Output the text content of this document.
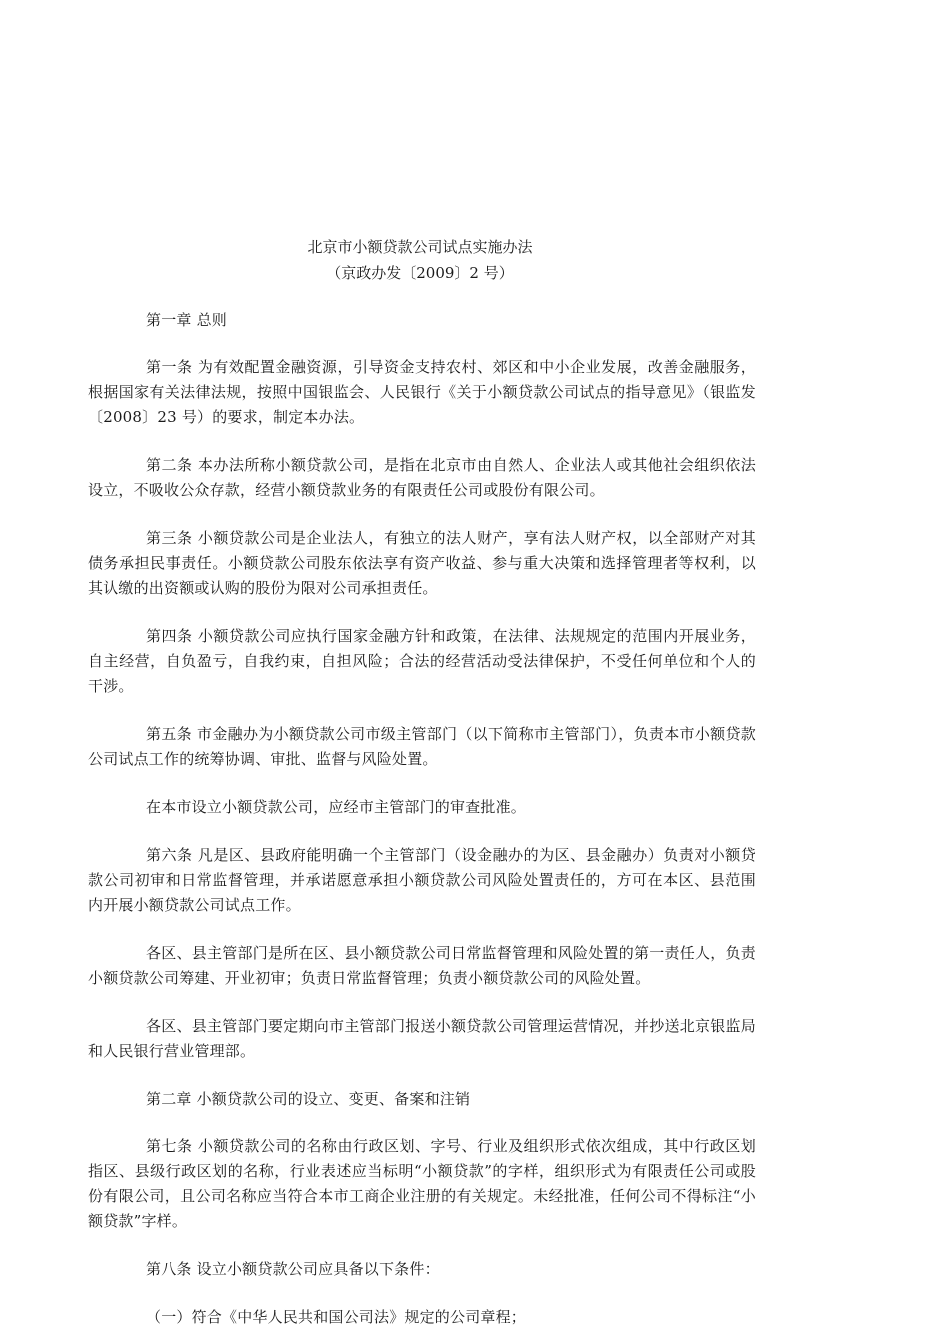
北京市小额贷款公司试点实施办法
（京政办发〔2009〕2 号）

第一章 总则

第一条 为有效配置金融资源，引导资金支持农村、郊区和中小企业发展，改善金融服务，根据国家有关法律法规，按照中国银监会、人民银行《关于小额贷款公司试点的指导意见》（银监发〔2008〕23 号）的要求，制定本办法。

第二条 本办法所称小额贷款公司，是指在北京市由自然人、企业法人或其他社会组织依法设立，不吸收公众存款，经营小额贷款业务的有限责任公司或股份有限公司。

第三条 小额贷款公司是企业法人，有独立的法人财产，享有法人财产权，以全部财产对其债务承担民事责任。小额贷款公司股东依法享有资产收益、参与重大决策和选择管理者等权利，以其认缴的出资额或认购的股份为限对公司承担责任。

第四条 小额贷款公司应执行国家金融方针和政策，在法律、法规规定的范围内开展业务，自主经营，自负盈亏，自我约束，自担风险；合法的经营活动受法律保护，不受任何单位和个人的干涉。

第五条 市金融办为小额贷款公司市级主管部门（以下简称市主管部门），负责本市小额贷款公司试点工作的统筹协调、审批、监督与风险处置。

在本市设立小额贷款公司，应经市主管部门的审查批准。

第六条 凡是区、县政府能明确一个主管部门（设金融办的为区、县金融办）负责对小额贷款公司初审和日常监督管理，并承诺愿意承担小额贷款公司风险处置责任的，方可在本区、县范围内开展小额贷款公司试点工作。

各区、县主管部门是所在区、县小额贷款公司日常监督管理和风险处置的第一责任人，负责小额贷款公司筹建、开业初审；负责日常监督管理；负责小额贷款公司的风险处置。

各区、县主管部门要定期向市主管部门报送小额贷款公司管理运营情况，并抄送北京银监局和人民银行营业管理部。

第二章 小额贷款公司的设立、变更、备案和注销

第七条 小额贷款公司的名称由行政区划、字号、行业及组织形式依次组成，其中行政区划指区、县级行政区划的名称，行业表述应当标明“小额贷款”的字样，组织形式为有限责任公司或股份有限公司，且公司名称应当符合本市工商企业注册的有关规定。未经批准，任何公司不得标注“小额贷款”字样。

第八条 设立小额贷款公司应具备以下条件：

（一）符合《中华人民共和国公司法》规定的公司章程；
